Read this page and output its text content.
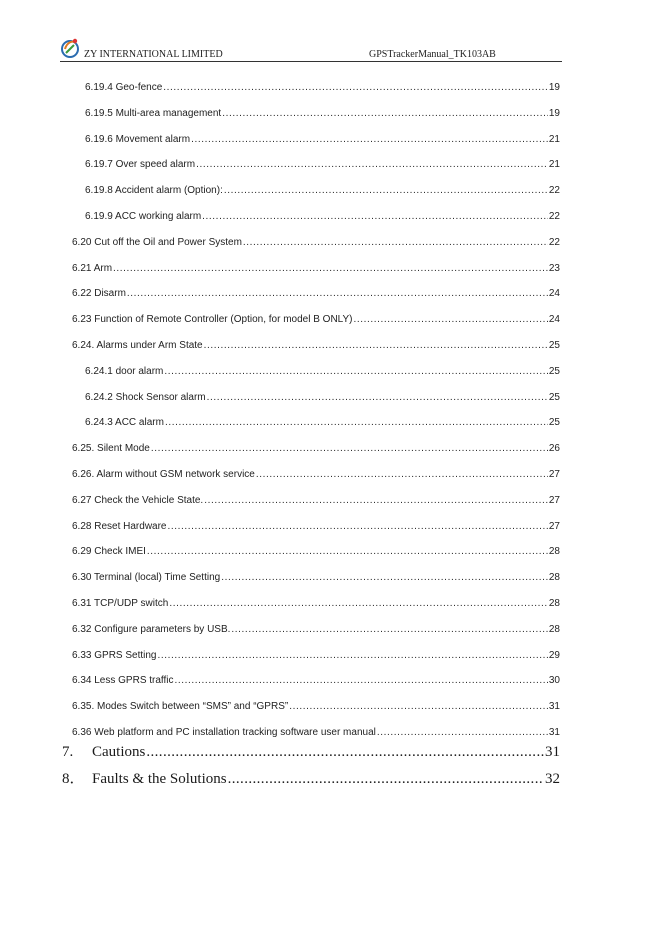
ZY INTERNATIONAL LIMITED	GPSTrackerManual_TK103AB
6.19.4 Geo-fence .....	19
6.19.5 Multi-area management .....	19
6.19.6 Movement alarm .....	21
6.19.7 Over speed alarm .....	21
6.19.8 Accident alarm (Option): .....	22
6.19.9 ACC working alarm .....	22
6.20 Cut off the Oil and Power System .....	22
6.21 Arm .....	23
6.22 Disarm .....	24
6.23 Function of Remote Controller (Option, for model B ONLY) .....	24
6.24. Alarms under Arm State .....	25
6.24.1 door alarm .....	25
6.24.2 Shock Sensor alarm .....	25
6.24.3 ACC alarm .....	25
6.25. Silent Mode .....	26
6.26. Alarm without GSM network service .....	27
6.27 Check the Vehicle State. .....	27
6.28 Reset Hardware .....	27
6.29 Check IMEI .....	28
6.30 Terminal (local) Time Setting .....	28
6.31 TCP/UDP switch .....	28
6.32 Configure parameters by USB. .....	28
6.33 GPRS Setting .....	29
6.34 Less GPRS traffic .....	30
6.35. Modes Switch between “SMS” and “GPRS” .....	31
6.36 Web platform and PC installation tracking software user manual .....	31
7.	Cautions .....	31
8． Faults & the Solutions .....	32
